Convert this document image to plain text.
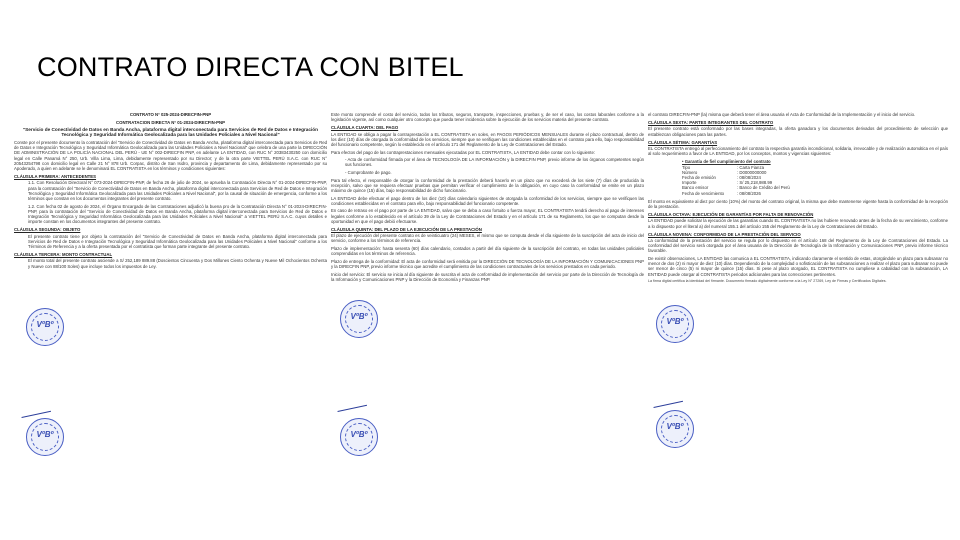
CONTRATO DIRECTA CON BITEL

CONTRATO N° 025-2024-DIRECFIN-PNP

CONTRATACION DIRECTA N° 01-2024-DIRECFIN-PNP

"Servicio de Conectividad de Datos en Banda Ancha, plataforma digital interconectada para Servicios de Red de Datos e Integración Tecnológica y Seguridad Informática Geolocalizada para las Unidades Policiales a Nivel Nacional"

Conste por el presente documento la contratación del "Servicio de Conectividad de Datos en Banda Ancha, plataforma digital interconectada para Servicios de Red de Datos e Integración Tecnológica y Seguridad Informática Geolocalizada para las Unidades Policiales a Nivel Nacional" que celebra de una parte la DIRECCIÓN DE ADMINISTRACIÓN DE LA POLICÍA NACIONAL DEL PERÚ - UE N° 002-DIRECFIN PNP, en adelante LA ENTIDAD, con RUC N° 20383430250 con domicilio legal en Calle Panamá N° 250, Urb. Villa Lima, Lima, debidamente representado por su Director; y de la otra parte VIETTEL PERÚ S.A.C. con RUC N° 20543254798 con domicilio legal en Calle 21 N° 878 Urb. Corpac, distrito de San Isidro, provincia y departamento de Lima, debidamente representado por su Apoderado, a quien en adelante se le denominará EL CONTRATISTA en los términos y condiciones siguientes:

CLÁUSULA PRIMERA: ANTECEDENTES

1.1. Con Resolución Directoral N° 073-2024-DIRECFIN-PNP, de fecha 26 de julio de 2024, se aprueba la Contratación Directa N° 01-2024-DIRECFIN-PNP, para la contratación del "Servicio de Conectividad de Datos en Banda Ancha, plataforma digital interconectada para Servicios de Red de Datos e Integración Tecnológica y Seguridad Informática Geolocalizada para las Unidades Policiales a Nivel Nacional", por la causal de situación de emergencia, conforme a los términos que constan en los documentos integrantes del presente contrato.

1.2. Con fecha 02 de agosto de 2024, el Órgano Encargado de las Contrataciones adjudicó la buena pro de la Contratación Directa N° 01-2024-DIRECFIN-PNP, para la contratación del "Servicio de Conectividad de Datos en Banda Ancha, plataforma digital interconectada para Servicios de Red de Datos e Integración Tecnológica y Seguridad Informática Geolocalizada para las Unidades Policiales a Nivel Nacional" a VIETTEL PERÚ S.A.C. cuyos detalles e importe constan en los documentos integrantes del presente contrato.

CLÁUSULA SEGUNDA: OBJETO

El presente contrato tiene por objeto la contratación del "Servicio de Conectividad de Datos en Banda Ancha, plataforma digital interconectada para Servicios de Red de Datos e Integración Tecnológica y Seguridad Informática Geolocalizada para las Unidades Policiales a Nivel Nacional" conforme a los Términos de Referencia y a la oferta presentada por el contratista que forman parte integrante del presente contrato.

CLÁUSULA TERCERA: MONTO CONTRACTUAL

El monto total del presente contrato asciende a S/ 252,189 889.88 (Doscientos Cincuenta y Dos Millones Ciento Ochenta y Nueve Mil Ochocientos Ochenta y Nueve con 88/100 Soles) que incluye todos los impuestos de Ley.

Este monto comprende el costo del servicio, todos los tributos, seguros, transporte, inspecciones, pruebas y, de ser el caso, los costos laborales conforme a la legislación vigente, así como cualquier otro concepto que pueda tener incidencia sobre la ejecución de los servicios materia del presente contrato.

CLÁUSULA CUARTA: DEL PAGO

LA ENTIDAD se obliga a pagar la contraprestación a EL CONTRATISTA en soles, en PAGOS PERIÓDICOS MENSUALES durante el plazo contractual, dentro de los diez (10) días de otorgada la conformidad de los servicios, siempre que se verifiquen las condiciones establecidas en el contrato para ello, bajo responsabilidad del funcionario competente, según lo establecido en el artículo 171 del Reglamento de la Ley de Contrataciones del Estado.

Para efectos del pago de las contraprestaciones mensuales ejecutadas por EL CONTRATISTA, LA ENTIDAD debe contar con lo siguiente:

- Acta de conformidad firmada por el área de TECNOLOGÍA DE LA INFORMACIÓN y la DIRECFIN PNP, previo informe de los órganos competentes según sus funciones.

- Comprobante de pago.

Para tal efecto, el responsable de otorgar la conformidad de la prestación deberá hacerlo en un plazo que no excederá de los siete (7) días de producida la recepción, salvo que se requiera efectuar pruebas que permitan verificar el cumplimiento de la obligación, en cuyo caso la conformidad se emite en un plazo máximo de quince (15) días, bajo responsabilidad de dicho funcionario.

LA ENTIDAD debe efectuar el pago dentro de los diez (10) días calendario siguientes de otorgada la conformidad de los servicios, siempre que se verifiquen las condiciones establecidas en el contrato para ello, bajo responsabilidad del funcionario competente.

En caso de retraso en el pago por parte de LA ENTIDAD, salvo que se deba a caso fortuito o fuerza mayor, EL CONTRATISTA tendrá derecho al pago de intereses legales conforme a lo establecido en el artículo 39 de la Ley de Contrataciones del Estado y en el artículo 171 de su Reglamento, los que se computan desde la oportunidad en que el pago debió efectuarse.

CLÁUSULA QUINTA: DEL PLAZO DE LA EJECUCIÓN DE LA PRESTACIÓN

El plazo de ejecución del presente contrato es de veinticuatro (24) MESES, el mismo que se computa desde el día siguiente de la suscripción del acta de inicio del servicio, conforme a los términos de referencia.

Plazo de implementación: hasta sesenta (60) días calendario, contados a partir del día siguiente de la suscripción del contrato, en todas las unidades policiales comprendidas en los términos de referencia.

Plazo de entrega de la conformidad: El acta de conformidad será emitida por la DIRECCIÓN DE TECNOLOGÍA DE LA INFORMACIÓN Y COMUNICACIONES PNP y la DIRECFIN PNP, previo informe técnico que acredite el cumplimiento de las condiciones contractuales de los servicios prestados en cada periodo.

Inicio del servicio: El servicio se inicia al día siguiente de suscrita el acta de conformidad de implementación del servicio por parte de la Dirección de Tecnología de la Información y Comunicaciones PNP y la Dirección de Economía y Finanzas PNP.

el contrato DIRECFIN-PNP (la) misma que deberá tener el área usuaria el Acta de Conformidad de la Implementación y el inicio del servicio.

CLÁUSULA SEXTA: PARTES INTEGRANTES DEL CONTRATO

El presente contrato está conformado por las bases integradas, la oferta ganadora y los documentos derivados del procedimiento de selección que establezcan obligaciones para las partes.

CLÁUSULA SÉTIMA: GARANTÍAS

EL CONTRATISTA entregó al perfeccionamiento del contrato la respectiva garantía incondicional, solidaria, irrevocable y de realización automática en el país al solo requerimiento a favor de LA ENTIDAD, por los conceptos, montos y vigencias siguientes:

• Garantía de fiel cumplimiento del contrato
Tipo	: Carta Fianza
Número	: D0000000000
Fecha de emisión	: 08/08/2024
Importe	: S/ 25,218,988.99
Banco emisor	: Banco de Crédito del Perú
Fecha de vencimiento	: 08/08/2026

El monto es equivalente al diez por ciento (10%) del monto del contrato original, la misma que debe mantenerse vigente hasta la conformidad de la recepción de la prestación.

CLÁUSULA OCTAVA: EJECUCIÓN DE GARANTÍAS POR FALTA DE RENOVACIÓN

LA ENTIDAD puede solicitar la ejecución de las garantías cuando EL CONTRATISTA no las hubiere renovado antes de la fecha de su vencimiento, conforme a lo dispuesto por el literal a) del numeral 155.1 del artículo 155 del Reglamento de la Ley de Contrataciones del Estado.

CLÁUSULA NOVENA: CONFORMIDAD DE LA PRESTACIÓN DEL SERVICIO

La conformidad de la prestación del servicio se regula por lo dispuesto en el artículo 168 del Reglamento de la Ley de Contrataciones del Estado. La conformidad del servicio será otorgada por el área usuaria de la Dirección de Tecnología de la Información y Comunicaciones PNP, previo informe técnico favorable.

De existir observaciones, LA ENTIDAD las comunica a EL CONTRATISTA, indicando claramente el sentido de estas, otorgándole un plazo para subsanar no menor de dos (2) ni mayor de diez (10) días. Dependiendo de la complejidad o sofisticación de las subsanaciones a realizar el plazo para subsanar no puede ser menor de cinco (5) ni mayor de quince (15) días. Si pese al plazo otorgado, EL CONTRATISTA no cumpliese a cabalidad con la subsanación, LA ENTIDAD puede otorgar al CONTRATISTA periodos adicionales para las correcciones pertinentes.

La firma digital certifica la identidad del firmante. Documento firmado digitalmente conforme a la Ley N° 27269, Ley de Firmas y Certificados Digitales.

VºBº
VºBº
VºBº
VºBº
VºBº
VºBº
